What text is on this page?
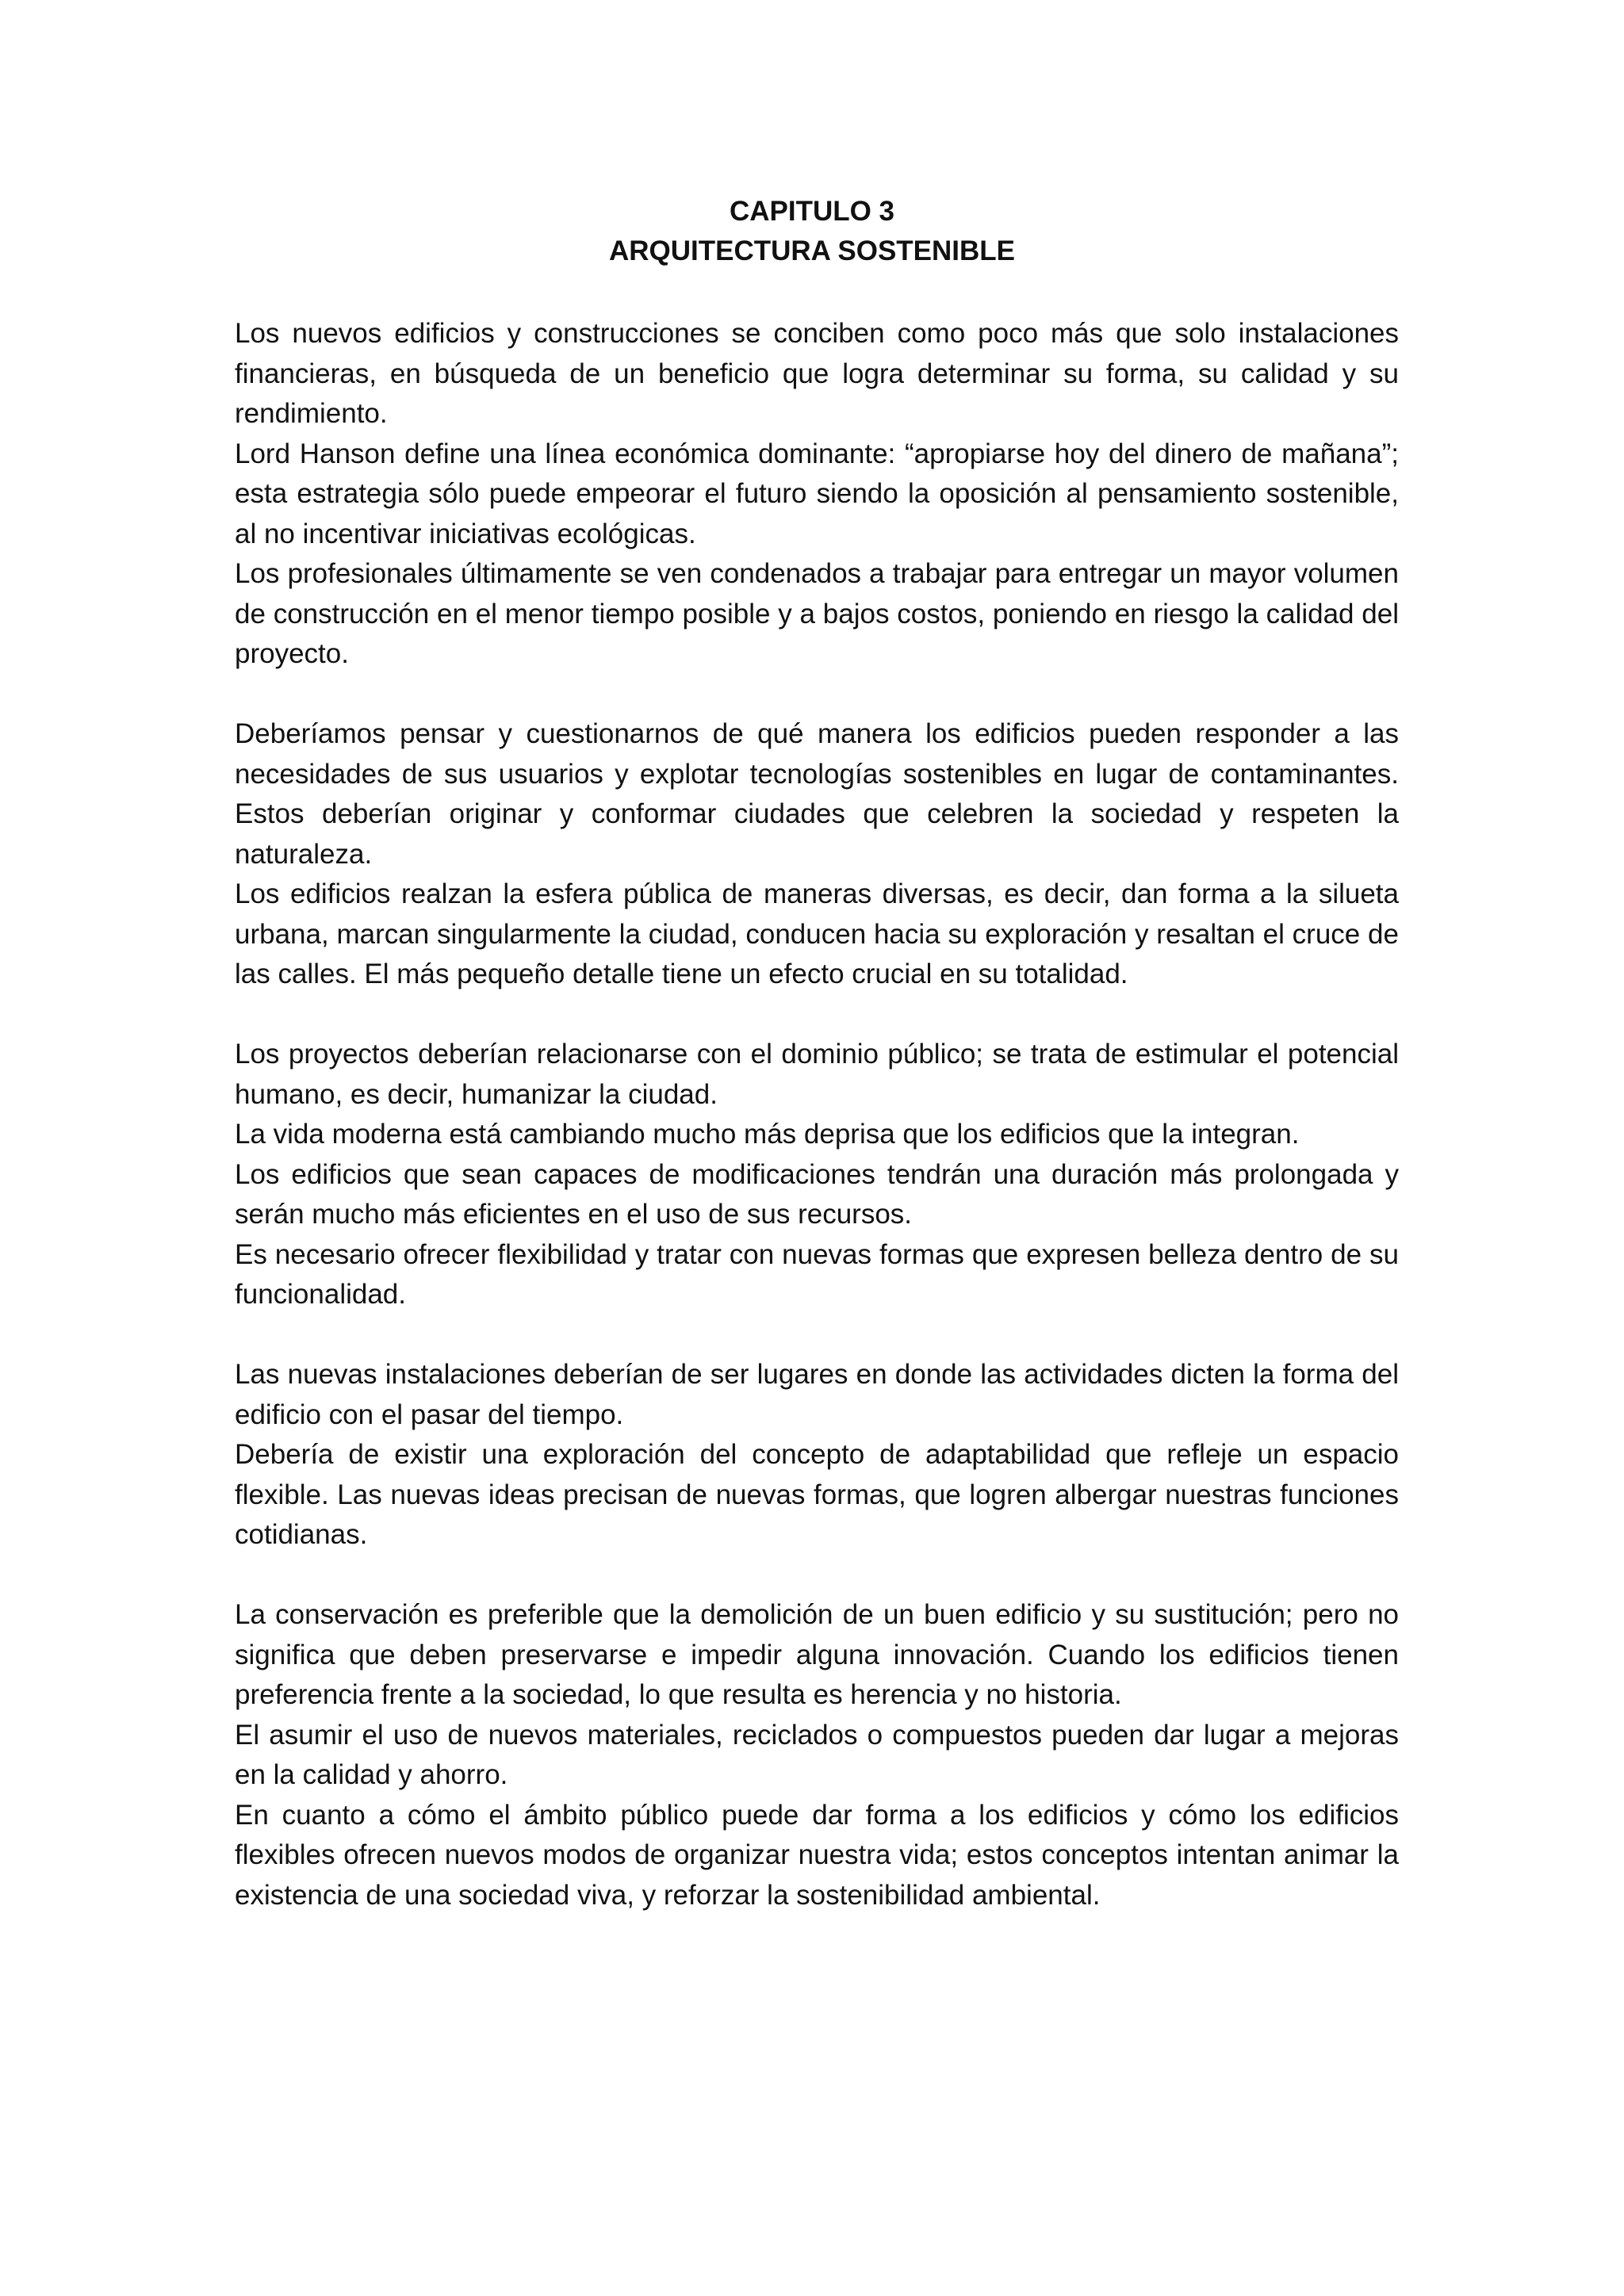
CAPITULO 3
ARQUITECTURA SOSTENIBLE

Los nuevos edificios y construcciones se conciben como poco más que solo instalaciones financieras, en búsqueda de un beneficio que logra determinar su forma, su calidad y su rendimiento.

Lord Hanson define una línea económica dominante: “apropiarse hoy del dinero de mañana”; esta estrategia sólo puede empeorar el futuro siendo la oposición al pensamiento sostenible, al no incentivar iniciativas ecológicas.

Los profesionales últimamente se ven condenados a trabajar para entregar un mayor volumen de construcción en el menor tiempo posible y a bajos costos, poniendo en riesgo la calidad del proyecto.

Deberíamos pensar y cuestionarnos de qué manera los edificios pueden responder a las necesidades de sus usuarios y explotar tecnologías sostenibles en lugar de contaminantes. Estos deberían originar y conformar ciudades que celebren la sociedad y respeten la naturaleza.

Los edificios realzan la esfera pública de maneras diversas, es decir, dan forma a la silueta urbana, marcan singularmente la ciudad, conducen hacia su exploración y resaltan el cruce de las calles. El más pequeño detalle tiene un efecto crucial en su totalidad.

Los proyectos deberían relacionarse con el dominio público; se trata de estimular el potencial humano, es decir, humanizar la ciudad.

La vida moderna está cambiando mucho más deprisa que los edificios que la integran.

Los edificios que sean capaces de modificaciones tendrán una duración más prolongada y serán mucho más eficientes en el uso de sus recursos.

Es necesario ofrecer flexibilidad y tratar con nuevas formas que expresen belleza dentro de su funcionalidad.

Las nuevas instalaciones deberían de ser lugares en donde las actividades dicten la forma del edificio con el pasar del tiempo.

Debería de existir una exploración del concepto de adaptabilidad que refleje un espacio flexible. Las nuevas ideas precisan de nuevas formas, que logren albergar nuestras funciones cotidianas.

La conservación es preferible que la demolición de un buen edificio y su sustitución; pero no significa que deben preservarse e impedir alguna innovación. Cuando los edificios tienen preferencia frente a la sociedad, lo que resulta es herencia y no historia.

El asumir el uso de nuevos materiales, reciclados o compuestos pueden dar lugar a mejoras en la calidad y ahorro.

En cuanto a cómo el ámbito público puede dar forma a los edificios y cómo los edificios flexibles ofrecen nuevos modos de organizar nuestra vida; estos conceptos intentan animar la existencia de una sociedad viva, y reforzar la sostenibilidad ambiental.
